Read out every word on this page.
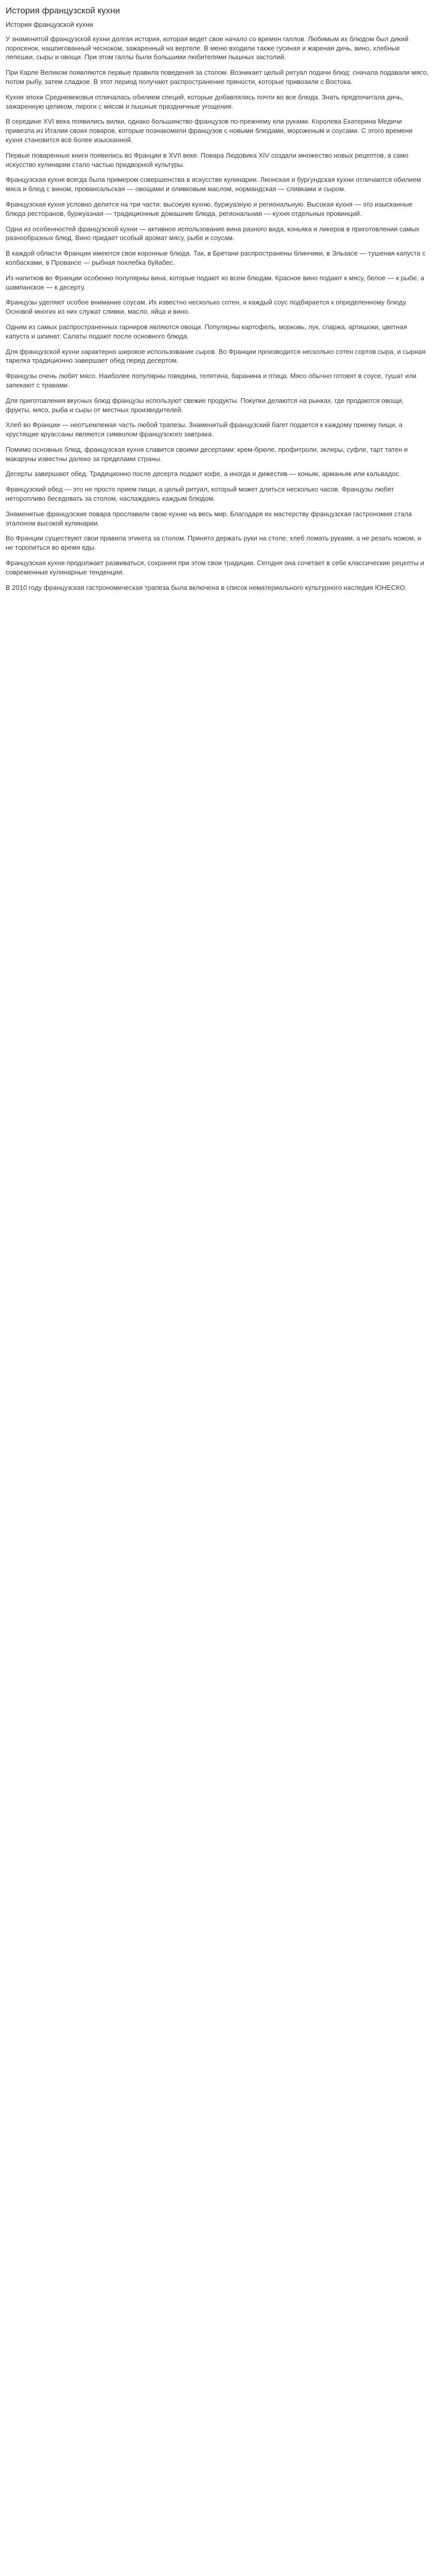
История французской кухни
История французской кухни

У знаменитой французской кухни долгая история, которая ведет свое начало со времен галлов. Любимым их блюдом был дикий поросенок, нашпигованный чесноком, зажаренный на вертеле. В меню входили также гусиная и жареная дичь, вино, хлебные лепешки, сыры и овощи. При этом галлы были большими любителями пышных застолий.

При Карле Великом появляются первые правила поведения за столом. Возникает целый ритуал подачи блюд: сначала подавали мясо, потом рыбу, затем сладкое. В этот период получают распространение пряности, которые привозили с Востока.

Кухня эпохи Средневековья отличалась обилием специй, которые добавлялись почти во все блюда. Знать предпочитала дичь, зажаренную целиком, пироги с мясом и пышные праздничные угощения.

В середине XVI века появились вилки, однако большинство французов по-прежнему ели руками. Королева Екатерина Медичи привезла из Италии своих поваров, которые познакомили французов с новыми блюдами, мороженым и соусами. С этого времени кухня становится всё более изысканной.

Первые поваренные книги появились во Франции в XVII веке. Повара Людовика XIV создали множество новых рецептов, а само искусство кулинарии стало частью придворной культуры.

Французская кухня всегда была примером совершенства в искусстве кулинарии. Лионская и бургундская кухни отличаются обилием мяса и блюд с вином, провансальская — овощами и оливковым маслом, нормандская — сливками и сыром.

Французская кухня условно делится на три части: высокую кухню, буржуазную и региональную. Высокая кухня — это изысканные блюда ресторанов, буржуазная — традиционные домашние блюда, региональная — кухня отдельных провинций.

Одна из особенностей французской кухни — активное использование вина разного вида, коньяка и ликеров в приготовлении самых разнообразных блюд. Вино придает особый аромат мясу, рыбе и соусам.

В каждой области Франции имеются свои коронные блюда. Так, в Бретани распространены блинчики, в Эльзасе — тушеная капуста с колбасками, в Провансе — рыбная похлебка буйабес.

Из напитков во Франции особенно популярны вина, которые подают ко всем блюдам. Красное вино подают к мясу, белое — к рыбе, а шампанское — к десерту.

Французы уделяют особое внимание соусам. Их известно несколько сотен, и каждый соус подбирается к определенному блюду. Основой многих из них служат сливки, масло, яйца и вино.

Одним из самых распространенных гарниров являются овощи. Популярны картофель, морковь, лук, спаржа, артишоки, цветная капуста и шпинат. Салаты подают после основного блюда.

Для французской кухни характерно широкое использование сыров. Во Франции производится несколько сотен сортов сыра, и сырная тарелка традиционно завершает обед перед десертом.

Французы очень любят мясо. Наиболее популярны говядина, телятина, баранина и птица. Мясо обычно готовят в соусе, тушат или запекают с травами.

Для приготовления вкусных блюд французы используют свежие продукты. Покупки делаются на рынках, где продаются овощи, фрукты, мясо, рыба и сыры от местных производителей.

Хлеб во Франции — неотъемлемая часть любой трапезы. Знаменитый французский багет подается к каждому приему пищи, а хрустящие круассаны являются символом французского завтрака.

Помимо основных блюд, французская кухня славится своими десертами: крем-брюле, профитроли, эклеры, суфле, тарт татен и макаруны известны далеко за пределами страны.

Десерты завершают обед. Традиционно после десерта подают кофе, а иногда и дижестив — коньяк, арманьяк или кальвадос.

Французский обед — это не просто прием пищи, а целый ритуал, который может длиться несколько часов. Французы любят неторопливо беседовать за столом, наслаждаясь каждым блюдом.

Знаменитые французские повара прославили свою кухню на весь мир. Благодаря их мастерству французская гастрономия стала эталоном высокой кулинарии.

Во Франции существуют свои правила этикета за столом. Принято держать руки на столе, хлеб ломать руками, а не резать ножом, и не торопиться во время еды.

Французская кухня продолжает развиваться, сохраняя при этом свои традиции. Сегодня она сочетает в себе классические рецепты и современные кулинарные тенденции.

В 2010 году французская гастрономическая трапеза была включена в список нематериального культурного наследия ЮНЕСКО.
